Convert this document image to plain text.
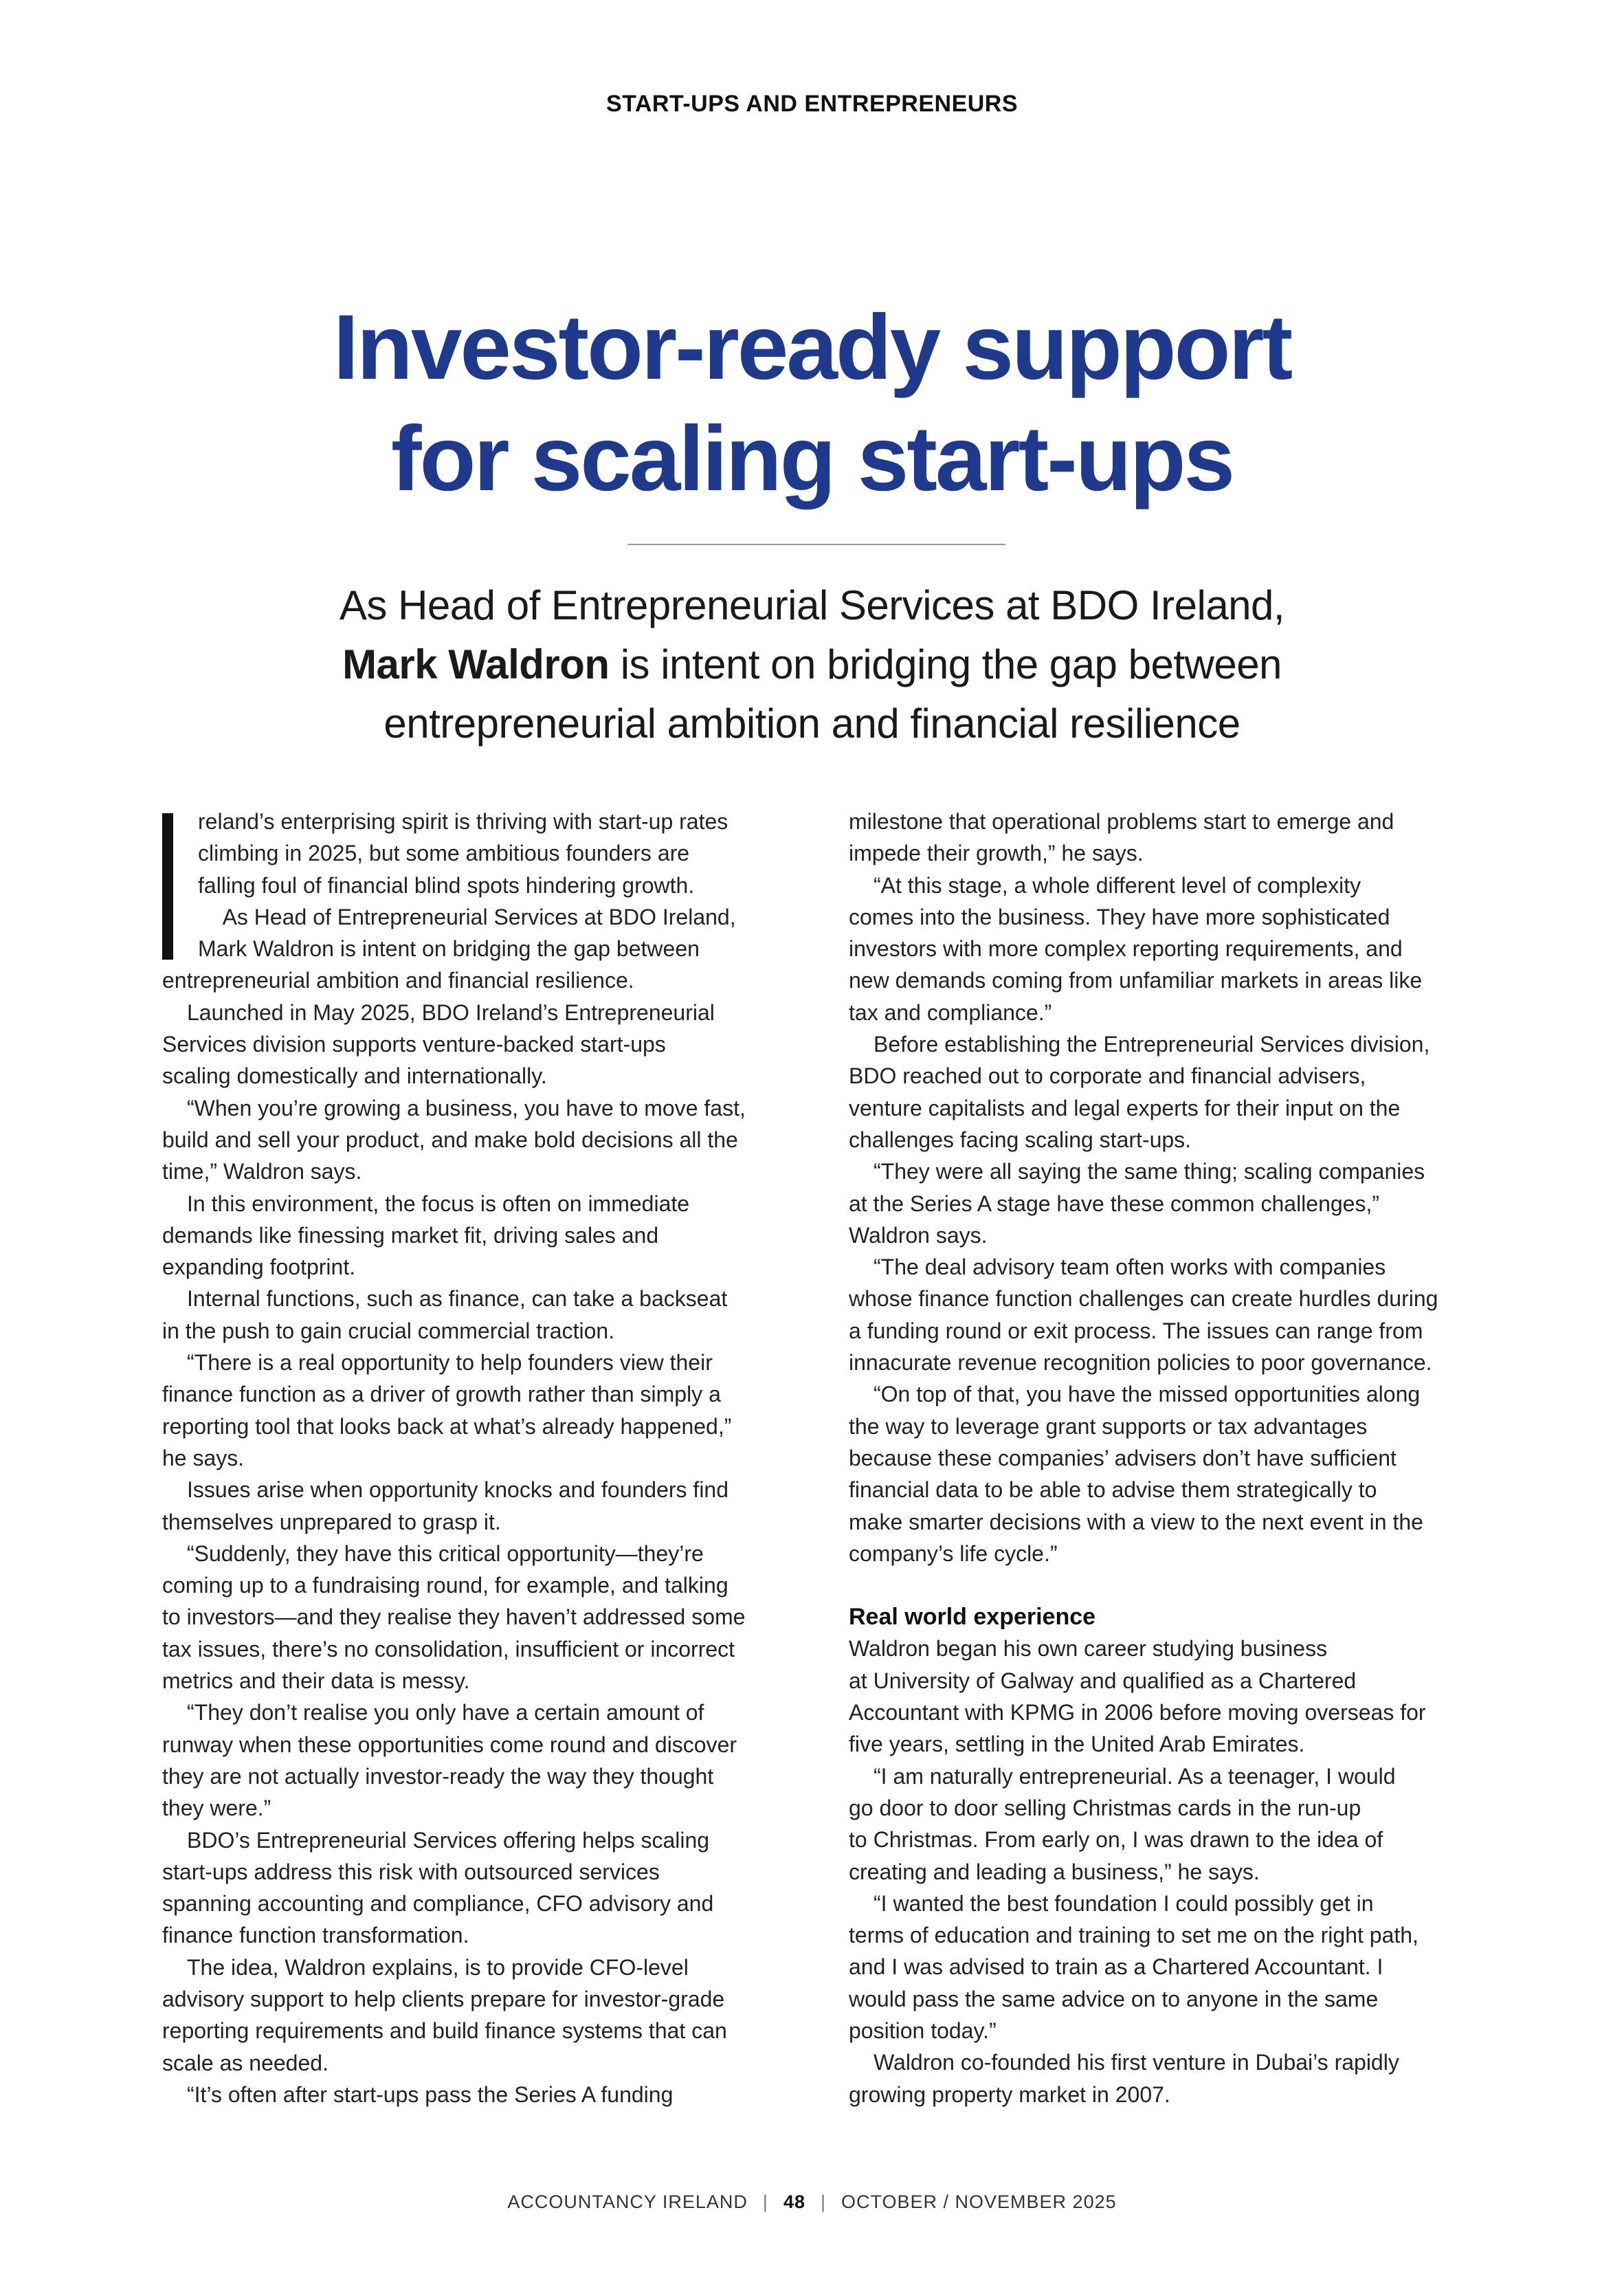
START-UPS AND ENTREPRENEURS
Investor-ready support
for scaling start-ups
As Head of Entrepreneurial Services at BDO Ireland,
Mark Waldron is intent on bridging the gap between
entrepreneurial ambition and financial resilience

reland’s enterprising spirit is thriving with start-up rates

climbing in 2025, but some ambitious founders are

falling foul of financial blind spots hindering growth.

As Head of Entrepreneurial Services at BDO Ireland,

Mark Waldron is intent on bridging the gap between

entrepreneurial ambition and financial resilience.

Launched in May 2025, BDO Ireland’s Entrepreneurial

Services division supports venture-backed start-ups

scaling domestically and internationally.

“When you’re growing a business, you have to move fast,

build and sell your product, and make bold decisions all the

time,” Waldron says.

In this environment, the focus is often on immediate

demands like finessing market fit, driving sales and

expanding footprint.

Internal functions, such as finance, can take a backseat

in the push to gain crucial commercial traction.

“There is a real opportunity to help founders view their

finance function as a driver of growth rather than simply a

reporting tool that looks back at what’s already happened,”

he says.

Issues arise when opportunity knocks and founders find

themselves unprepared to grasp it.

“Suddenly, they have this critical opportunity—they’re

coming up to a fundraising round, for example, and talking

to investors—and they realise they haven’t addressed some

tax issues, there’s no consolidation, insufficient or incorrect

metrics and their data is messy.

“They don’t realise you only have a certain amount of

runway when these opportunities come round and discover

they are not actually investor-ready the way they thought

they were.”

BDO’s Entrepreneurial Services offering helps scaling

start-ups address this risk with outsourced services

spanning accounting and compliance, CFO advisory and

finance function transformation.

The idea, Waldron explains, is to provide CFO-level

advisory support to help clients prepare for investor-grade

reporting requirements and build finance systems that can

scale as needed.

“It’s often after start-ups pass the Series A funding

milestone that operational problems start to emerge and

impede their growth,” he says.

“At this stage, a whole different level of complexity

comes into the business. They have more sophisticated

investors with more complex reporting requirements, and

new demands coming from unfamiliar markets in areas like

tax and compliance.”

Before establishing the Entrepreneurial Services division,

BDO reached out to corporate and financial advisers,

venture capitalists and legal experts for their input on the

challenges facing scaling start-ups.

“They were all saying the same thing; scaling companies

at the Series A stage have these common challenges,”

Waldron says.

“The deal advisory team often works with companies

whose finance function challenges can create hurdles during

a funding round or exit process. The issues can range from

innacurate revenue recognition policies to poor governance.

“On top of that, you have the missed opportunities along

the way to leverage grant supports or tax advantages

because these companies’ advisers don’t have sufficient

financial data to be able to advise them strategically to

make smarter decisions with a view to the next event in the

company’s life cycle.”

Real world experience

Waldron began his own career studying business

at University of Galway and qualified as a Chartered

Accountant with KPMG in 2006 before moving overseas for

five years, settling in the United Arab Emirates.

“I am naturally entrepreneurial. As a teenager, I would

go door to door selling Christmas cards in the run-up

to Christmas. From early on, I was drawn to the idea of

creating and leading a business,” he says.

“I wanted the best foundation I could possibly get in

terms of education and training to set me on the right path,

and I was advised to train as a Chartered Accountant. I

would pass the same advice on to anyone in the same

position today.”

Waldron co-founded his first venture in Dubai’s rapidly

growing property market in 2007.

ACCOUNTANCY IRELAND | 48 | OCTOBER / NOVEMBER 2025
